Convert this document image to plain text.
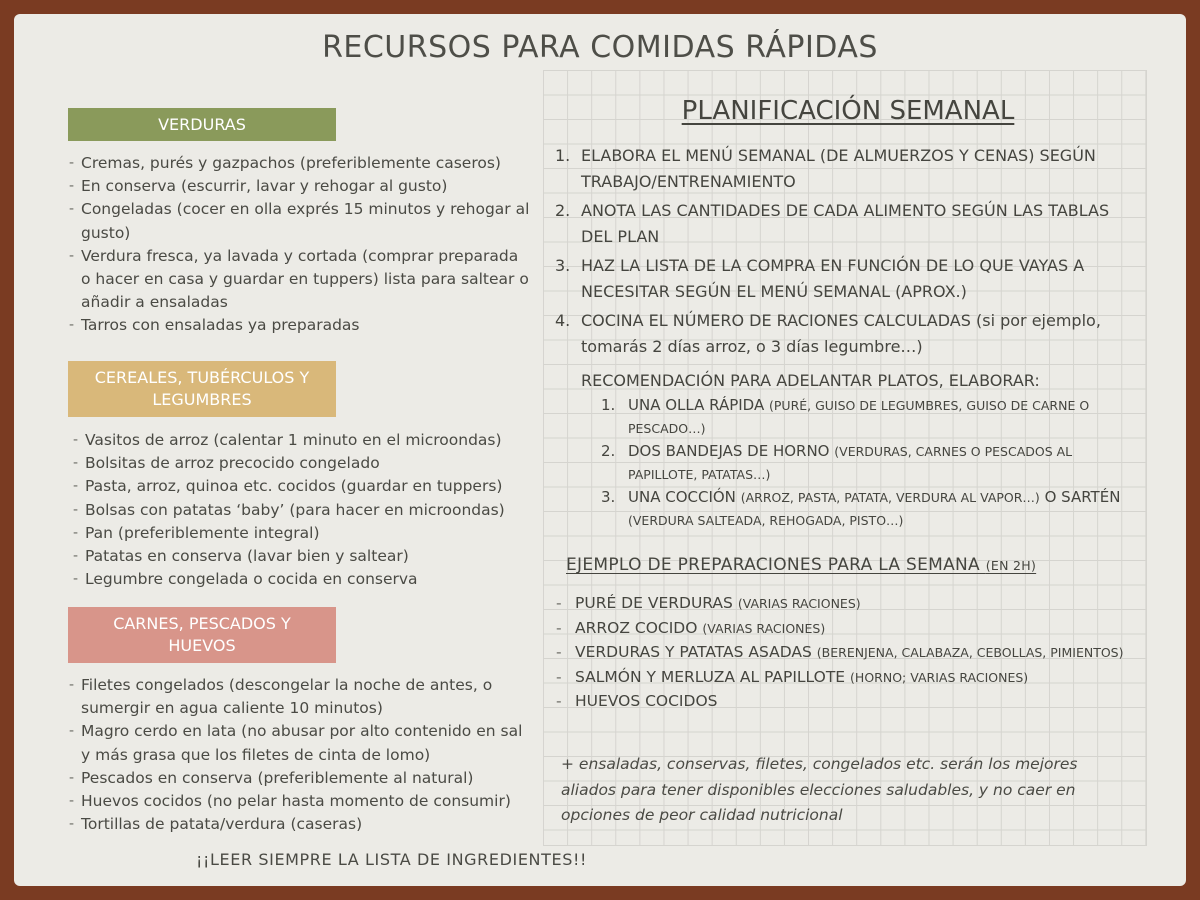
RECURSOS PARA COMIDAS RÁPIDAS
VERDURAS
- Cremas, purés y gazpachos (preferiblemente caseros)
- En conserva (escurrir, lavar y rehogar al gusto)
- Congeladas (cocer en olla exprés 15 minutos y rehogar al gusto)
- Verdura fresca, ya lavada y cortada (comprar preparada o hacer en casa y guardar en tuppers) lista para saltear o añadir a ensaladas
- Tarros con ensaladas ya preparadas
CEREALES, TUBÉRCULOS Y
LEGUMBRES
- Vasitos de arroz (calentar 1 minuto en el microondas)
- Bolsitas de arroz precocido congelado
- Pasta, arroz, quinoa etc. cocidos (guardar en tuppers)
- Bolsas con patatas ‘baby’ (para hacer en microondas)
- Pan (preferiblemente integral)
- Patatas en conserva (lavar bien y saltear)
- Legumbre congelada o cocida en conserva
CARNES, PESCADOS Y
HUEVOS
- Filetes congelados (descongelar la noche de antes, o sumergir en agua caliente 10 minutos)
- Magro cerdo en lata (no abusar por alto contenido en sal y más grasa que los filetes de cinta de lomo)
- Pescados en conserva (preferiblemente al natural)
- Huevos cocidos (no pelar hasta momento de consumir)
- Tortillas de patata/verdura (caseras)
¡¡LEER SIEMPRE LA LISTA DE INGREDIENTES!!
PLANIFICACIÓN SEMANAL
1. ELABORA EL MENÚ SEMANAL (DE ALMUERZOS Y CENAS) SEGÚN TRABAJO/ENTRENAMIENTO
2. ANOTA LAS CANTIDADES DE CADA ALIMENTO SEGÚN LAS TABLAS DEL PLAN
3. HAZ LA LISTA DE LA COMPRA EN FUNCIÓN DE LO QUE VAYAS A NECESITAR SEGÚN EL MENÚ SEMANAL (APROX.)
4. COCINA EL NÚMERO DE RACIONES CALCULADAS (si por ejemplo, tomarás 2 días arroz, o 3 días legumbre…)
RECOMENDACIÓN PARA ADELANTAR PLATOS, ELABORAR:
1. UNA OLLA RÁPIDA (PURÉ, GUISO DE LEGUMBRES, GUISO DE CARNE O PESCADO…)
2. DOS BANDEJAS DE HORNO (VERDURAS, CARNES O PESCADOS AL PAPILLOTE, PATATAS…)
3. UNA COCCIÓN (ARROZ, PASTA, PATATA, VERDURA AL VAPOR…) O SARTÉN (VERDURA SALTEADA, REHOGADA, PISTO…)
EJEMPLO DE PREPARACIONES PARA LA SEMANA (EN 2H)
- PURÉ DE VERDURAS (VARIAS RACIONES)
- ARROZ COCIDO (VARIAS RACIONES)
- VERDURAS Y PATATAS ASADAS (BERENJENA, CALABAZA, CEBOLLAS, PIMIENTOS)
- SALMÓN Y MERLUZA AL PAPILLOTE (HORNO; VARIAS RACIONES)
- HUEVOS COCIDOS
+ ensaladas, conservas, filetes, congelados etc. serán los mejores aliados para tener disponibles elecciones saludables, y no caer en opciones de peor calidad nutricional
